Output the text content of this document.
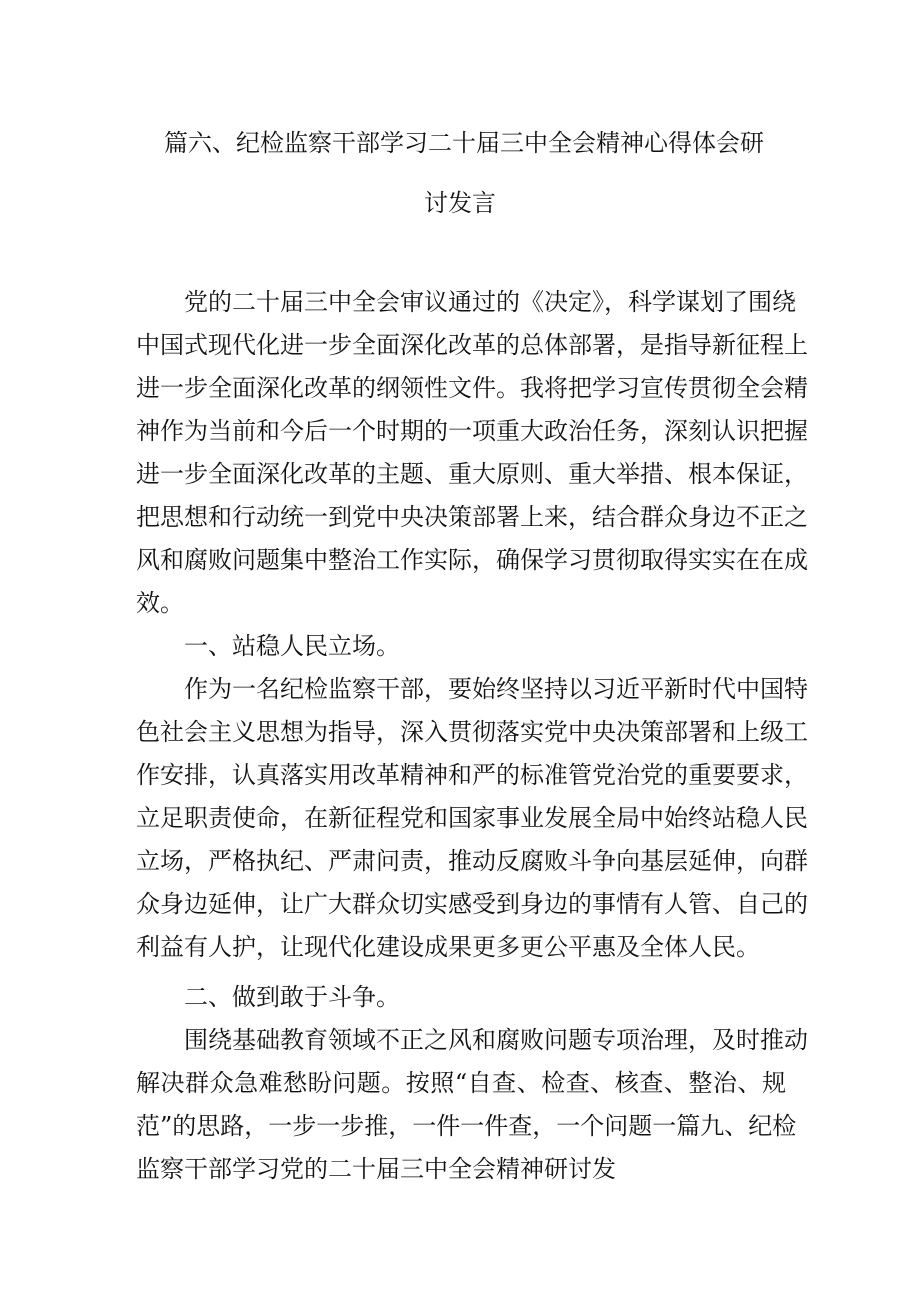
篇六、纪检监察干部学习二十届三中全会精神心得体会研
讨发言
党的二十届三中全会审议通过的《决定》，科学谋划了围绕
中国式现代化进一步全面深化改革的总体部署，是指导新征程上
进一步全面深化改革的纲领性文件。我将把学习宣传贯彻全会精
神作为当前和今后一个时期的一项重大政治任务，深刻认识把握
进一步全面深化改革的主题、重大原则、重大举措、根本保证，
把思想和行动统一到党中央决策部署上来，结合群众身边不正之
风和腐败问题集中整治工作实际，确保学习贯彻取得实实在在成
效。
一、站稳人民立场。
作为一名纪检监察干部，要始终坚持以习近平新时代中国特
色社会主义思想为指导，深入贯彻落实党中央决策部署和上级工
作安排，认真落实用改革精神和严的标准管党治党的重要要求，
立足职责使命，在新征程党和国家事业发展全局中始终站稳人民
立场，严格执纪、严肃问责，推动反腐败斗争向基层延伸，向群
众身边延伸，让广大群众切实感受到身边的事情有人管、自己的
利益有人护，让现代化建设成果更多更公平惠及全体人民。
二、做到敢于斗争。
围绕基础教育领域不正之风和腐败问题专项治理，及时推动
解决群众急难愁盼问题。按照“自查、检查、核查、整治、规
范”的思路，一步一步推，一件一件查，一个问题一篇九、纪检
监察干部学习党的二十届三中全会精神研讨发
